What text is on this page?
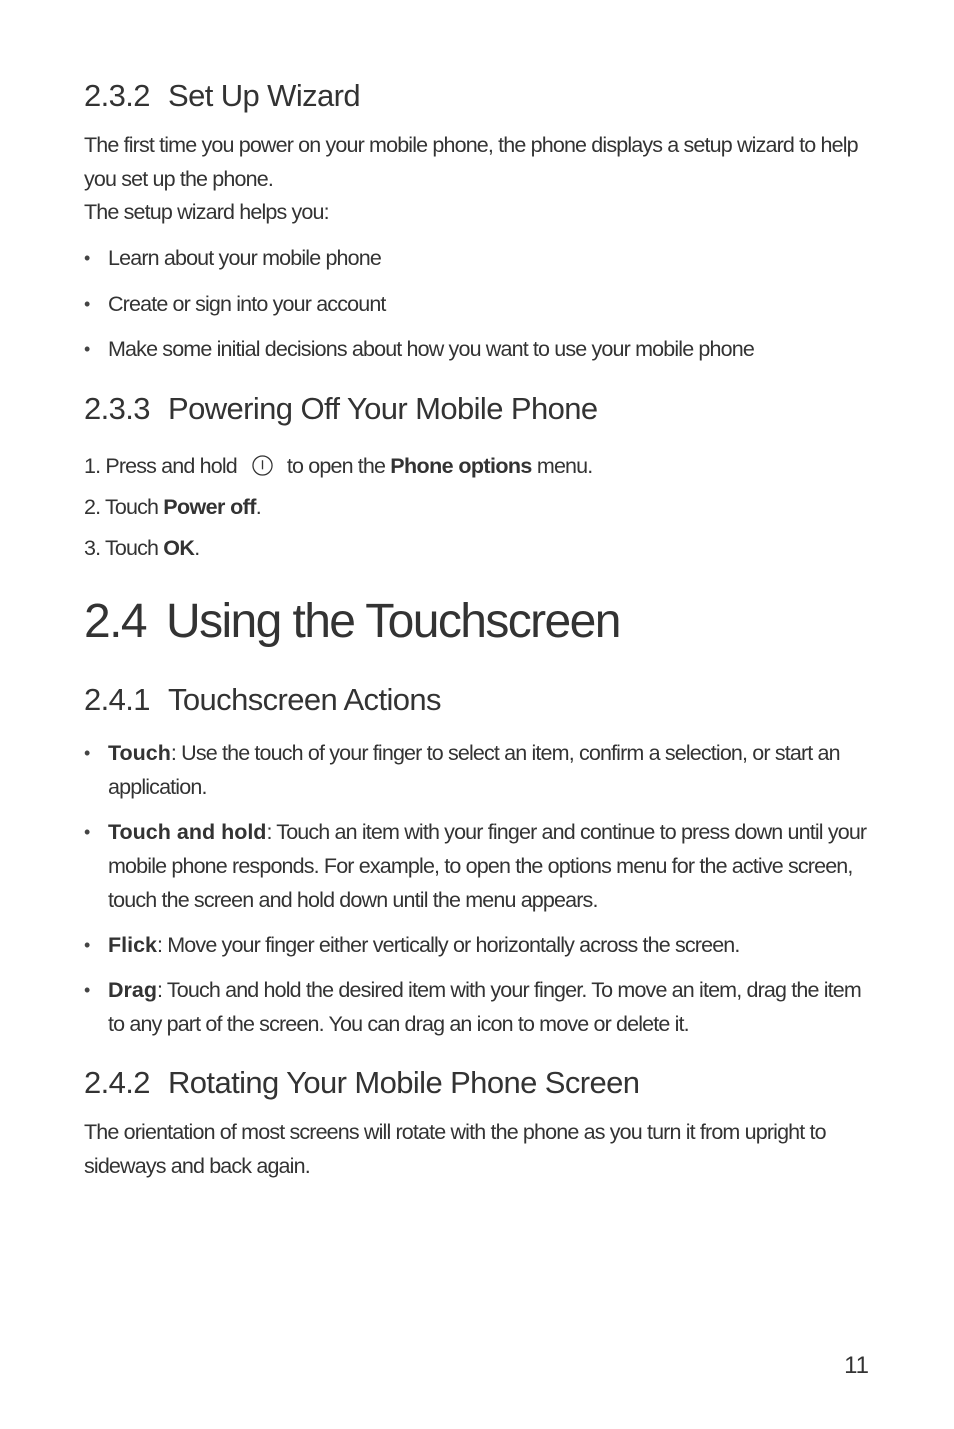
2.3.2 Set Up Wizard

The first time you power on your mobile phone, the phone displays a setup wizard to help you set up the phone.

The setup wizard helps you:

• Learn about your mobile phone
• Create or sign into your account
• Make some initial decisions about how you want to use your mobile phone
2.3.3 Powering Off Your Mobile Phone
1. Press and hold to open the Phone options menu.
2. Touch Power off.
3. Touch OK.
2.4 Using the Touchscreen
2.4.1 Touchscreen Actions
• Touch: Use the touch of your finger to select an item, confirm a selection, or start an application.
• Touch and hold: Touch an item with your finger and continue to press down until your mobile phone responds. For example, to open the options menu for the active screen, touch the screen and hold down until the menu appears.
• Flick: Move your finger either vertically or horizontally across the screen.
• Drag: Touch and hold the desired item with your finger. To move an item, drag the item to any part of the screen. You can drag an icon to move or delete it.
2.4.2 Rotating Your Mobile Phone Screen

The orientation of most screens will rotate with the phone as you turn it from upright to sideways and back again.

11
